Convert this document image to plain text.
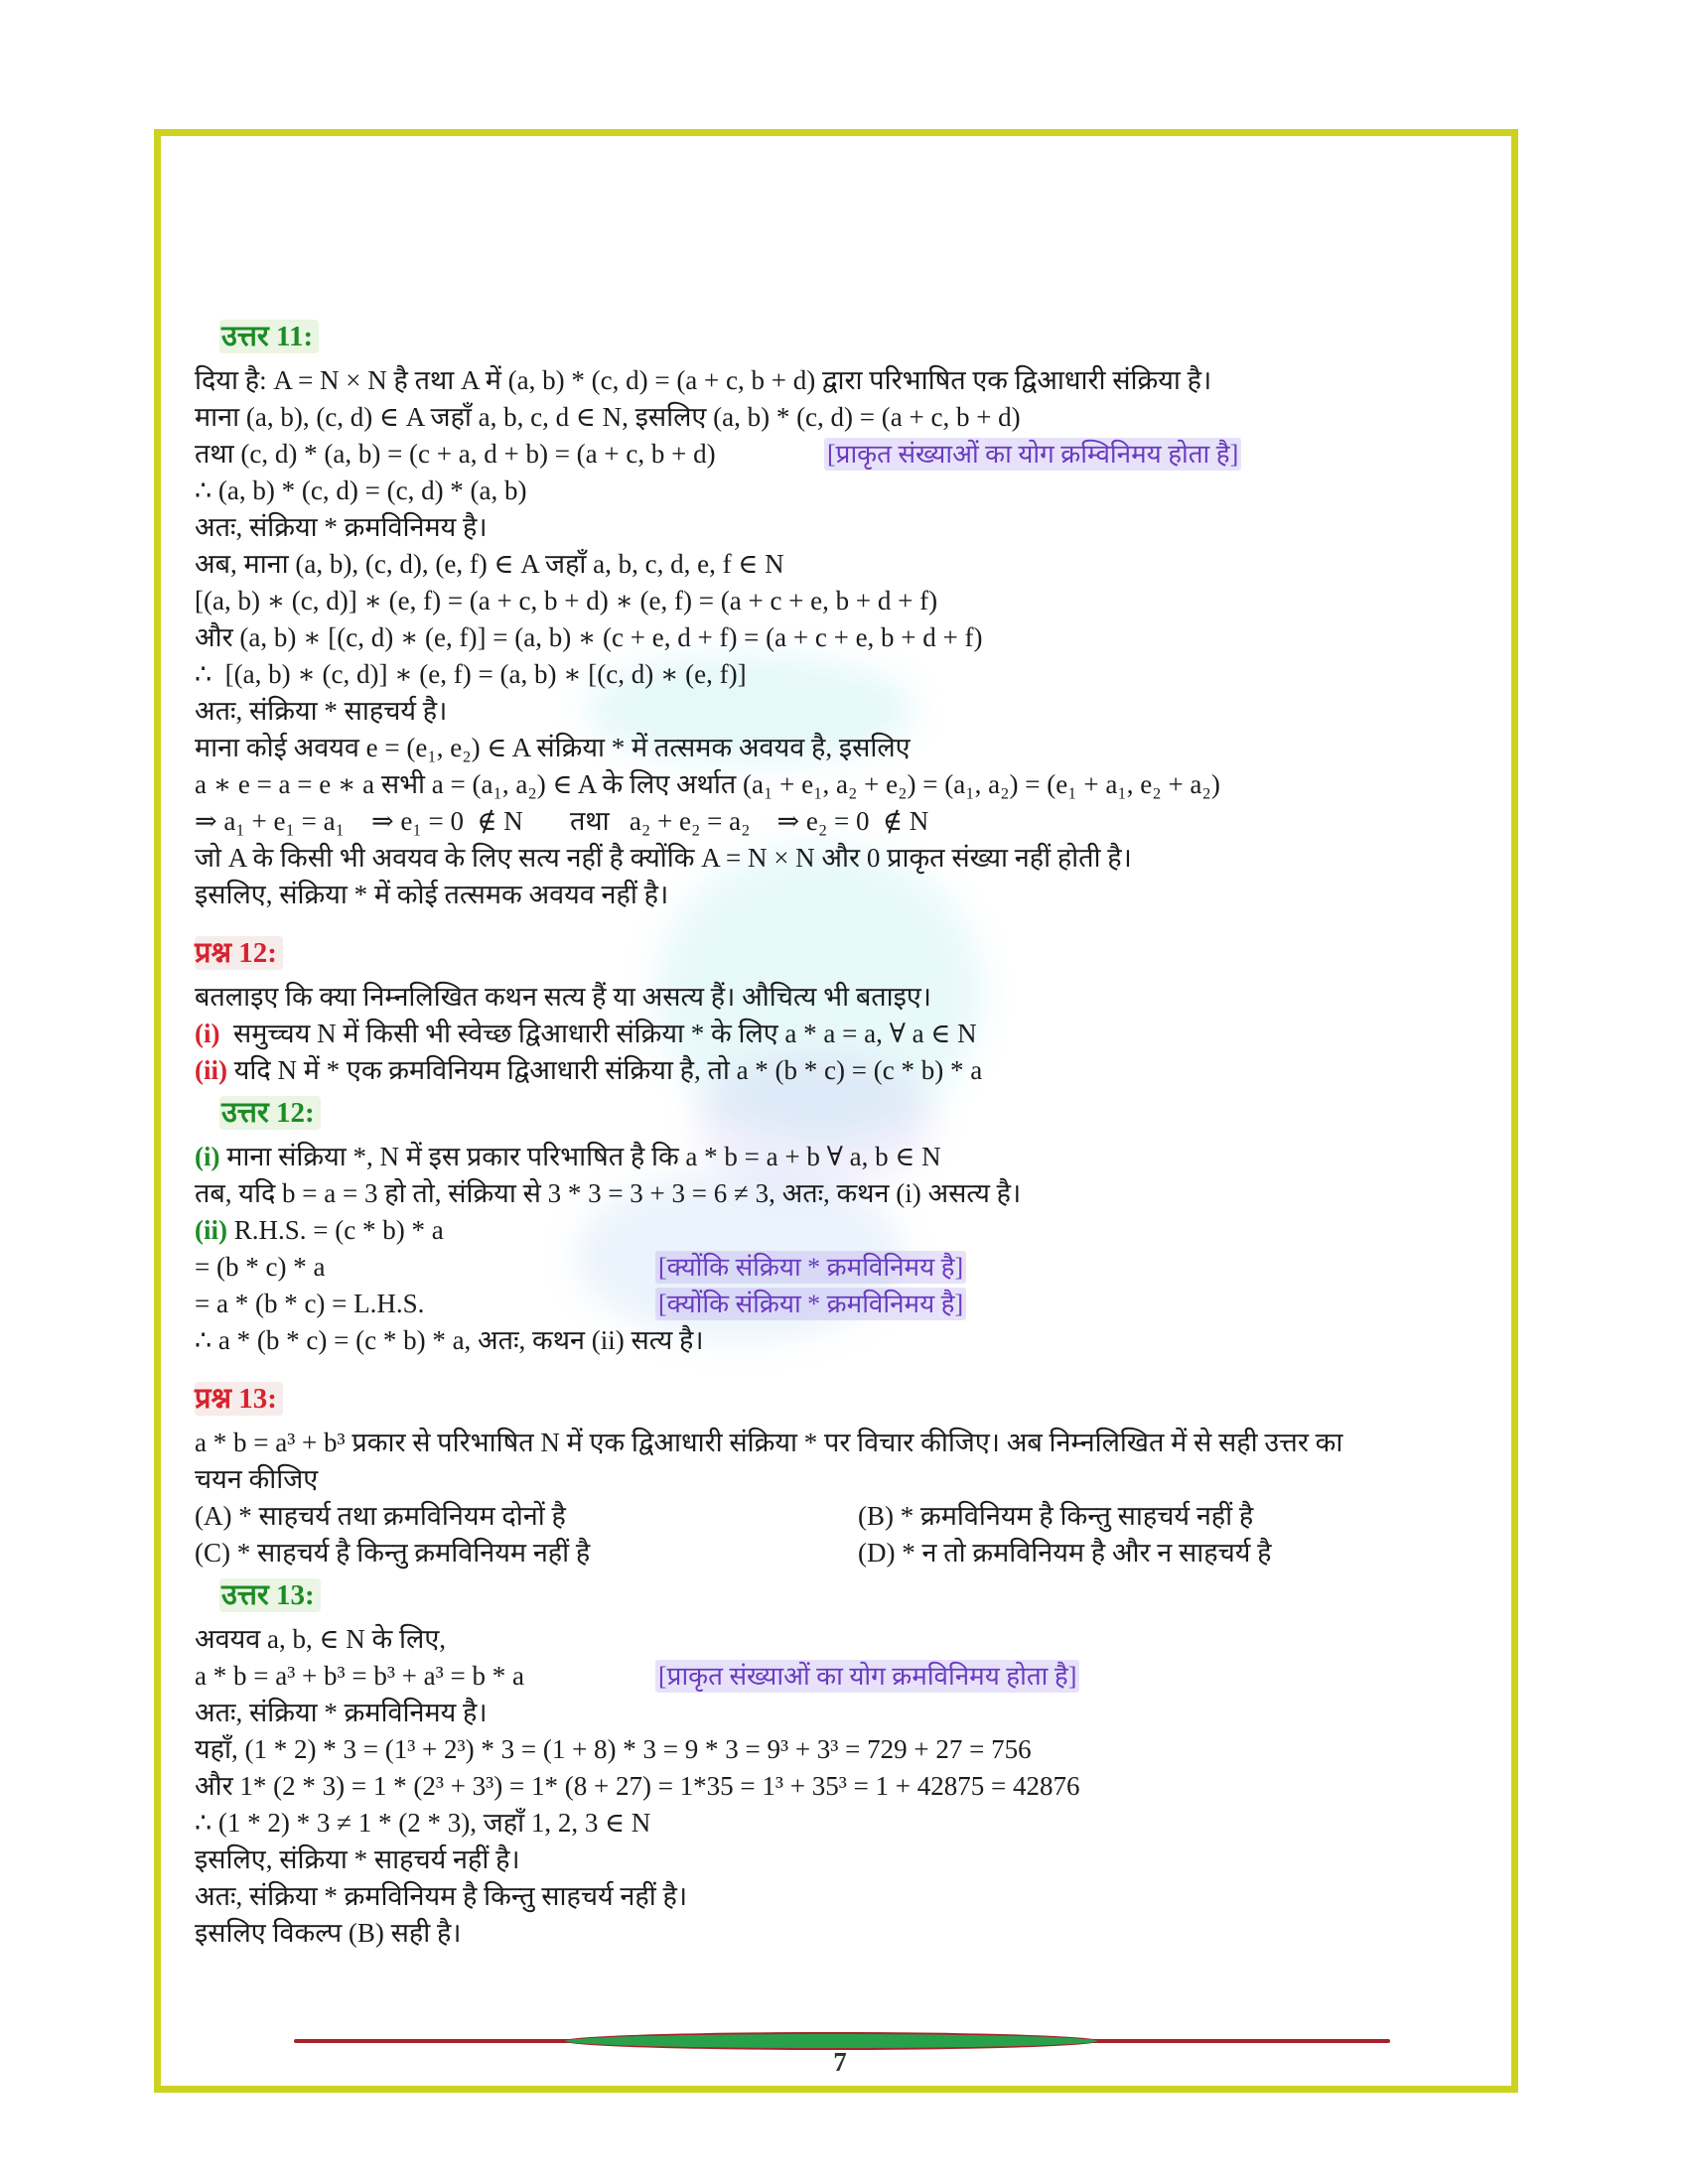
उत्तर 11:
दिया है: A = N × N है तथा A में (a, b) * (c, d) = (a + c, b + d) द्वारा परिभाषित एक द्विआधारी संक्रिया है।
माना (a, b), (c, d) ∈ A जहाँ a, b, c, d ∈ N, इसलिए (a, b) * (c, d) = (a + c, b + d)
तथा (c, d) * (a, b) = (c + a, d + b) = (a + c, b + d)	[प्राकृत संख्याओं का योग क्रम्विनिमय होता है]
∴ (a, b) * (c, d) = (c, d) * (a, b)
अतः, संक्रिया * क्रमविनिमय है।
अब, माना (a, b), (c, d), (e, f) ∈ A जहाँ a, b, c, d, e, f ∈ N
[(a, b) ∗ (c, d)] ∗ (e, f) = (a + c, b + d) ∗ (e, f) = (a + c + e, b + d + f)
और (a, b) ∗ [(c, d) ∗ (e, f)] = (a, b) ∗ (c + e, d + f) = (a + c + e, b + d + f)
∴  [(a, b) ∗ (c, d)] ∗ (e, f) = (a, b) ∗ [(c, d) ∗ (e, f)]
अतः, संक्रिया * साहचर्य है।
माना कोई अवयव e = (e₁, e₂) ∈ A संक्रिया * में तत्समक अवयव है, इसलिए
a ∗ e = a = e ∗ a सभी a = (a₁, a₂) ∈ A के लिए अर्थात (a₁ + e₁, a₂ + e₂) = (a₁, a₂) = (e₁ + a₁, e₂ + a₂)
⇒ a₁ + e₁ = a₁    ⇒ e₁ = 0  ∉ N       तथा   a₂ + e₂ = a₂    ⇒ e₂ = 0  ∉ N
जो A के किसी भी अवयव के लिए सत्य नहीं है क्योंकि A = N × N और 0 प्राकृत संख्या नहीं होती है।
इसलिए, संक्रिया * में कोई तत्समक अवयव नहीं है।
प्रश्न 12:
बतलाइए कि क्या निम्नलिखित कथन सत्य हैं या असत्य हैं। औचित्य भी बताइए।
(i)  समुच्चय N में किसी भी स्वेच्छ द्विआधारी संक्रिया * के लिए a * a = a, ∀ a ∈ N
(ii) यदि N में * एक क्रमविनियम द्विआधारी संक्रिया है, तो a * (b * c) = (c * b) * a
उत्तर 12:
(i) माना संक्रिया *, N में इस प्रकार परिभाषित है कि a * b = a + b ∀ a, b ∈ N
तब, यदि b = a = 3 हो तो, संक्रिया से 3 * 3 = 3 + 3 = 6 ≠ 3, अतः, कथन (i) असत्य है।
(ii) R.H.S. = (c * b) * a
= (b * c) * a	[क्योंकि संक्रिया * क्रमविनिमय है]
= a * (b * c) = L.H.S.	[क्योंकि संक्रिया * क्रमविनिमय है]
∴ a * (b * c) = (c * b) * a, अतः, कथन (ii) सत्य है।
प्रश्न 13:
a * b = a³ + b³ प्रकार से परिभाषित N में एक द्विआधारी संक्रिया * पर विचार कीजिए। अब निम्नलिखित में से सही उत्तर का
चयन कीजिए
(A) * साहचर्य तथा क्रमविनियम दोनों है	(B) * क्रमविनियम है किन्तु साहचर्य नहीं है
(C) * साहचर्य है किन्तु क्रमविनियम नहीं है	(D) * न तो क्रमविनियम है और न साहचर्य है
उत्तर 13:
अवयव a, b, ∈ N के लिए,
a * b = a³ + b³ = b³ + a³ = b * a	[प्राकृत संख्याओं का योग क्रमविनिमय होता है]
अतः, संक्रिया * क्रमविनिमय है।
यहाँ, (1 * 2) * 3 = (1³ + 2³) * 3 = (1 + 8) * 3 = 9 * 3 = 9³ + 3³ = 729 + 27 = 756
और 1* (2 * 3) = 1 * (2³ + 3³) = 1* (8 + 27) = 1*35 = 1³ + 35³ = 1 + 42875 = 42876
∴ (1 * 2) * 3 ≠ 1 * (2 * 3), जहाँ 1, 2, 3 ∈ N
इसलिए, संक्रिया * साहचर्य नहीं है।
अतः, संक्रिया * क्रमविनियम है किन्तु साहचर्य नहीं है।
इसलिए विकल्प (B) सही है।
7
